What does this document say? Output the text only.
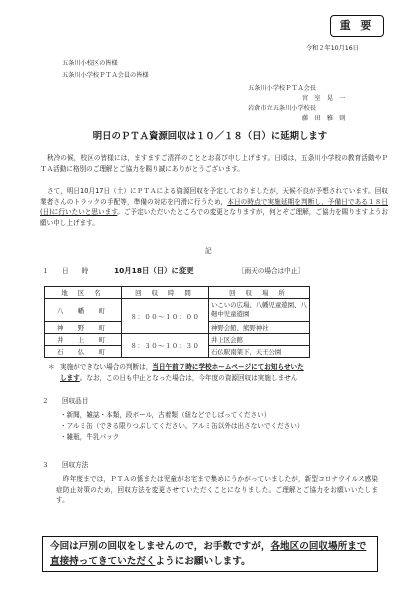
重 要
令和２年10月16日
五条川小校区の皆様
五条川小学校ＰＴＡ会員の皆様
五条川小学校ＰＴＡ会長
宮　室　晃　一
岩倉市立五条川小学校長
藤　田　雅　則
明日のＰＴＡ資源回収は１０／１８（日）に延期します
秋冷の候，校区の皆様には，ますますご清祥のこととお喜び申し上げます。日頃は，五条川小学校の教育活動やＰＴＡ活動に格別のご理解とご協力を賜り誠にありがとうございます。
さて，明日10月17日（土）にＰＴＡによる資源回収を予定しておりましたが，天候不良が予想されています。回収業者さんのトラックの手配等，準備の対応を円滑に行うため，本日の時点で実施延期を判断し，予備日である１８日(日)に行いたいと思います。ご予定いただいたところでの変更となりますが，何とぞご理解，ご協力を賜りますようお願い申し上げます。
記
１ 日　　時	10月18日（日）に変更	［雨天の場合は中止］
地 区 名	回 収 時 間	回 収 場 所
八　幡　町	８：００～１０：００	いこいの広場、八幡児童遊園、八剱中児童遊園
神　野　町		神野会館、熊野神社
井　上　町	８：３０～１０：３０	井上区会館
石　仏　町		石仏駅南架下、天王公園
＊ 実施ができない場合の判断は，当日午前７時に学校ホームページにてお知らせいた
します。なお，この日も中止となった場合は，今年度の資源回収は実施しません
２ 回収品目
・新聞，雑誌・本類，段ボール，古着類（紐などでしばってください）
・アルミ缶（できる限りつぶしてください。アルミ缶以外は出さないでください）
・雑瓶，牛乳パック
３ 回収方法
昨年度までは，ＰＴＡの係または児童がお宅まで集めにうかがっていましたが，新型コロナウイルス感染症防止対策のため，回収方法を変更させていただくことになりました。ご理解とご協力をお願いいたします。
今回は戸別の回収をしませんので，お手数ですが，各地区の回収場所まで直接持ってきていただくようにお願いします。
